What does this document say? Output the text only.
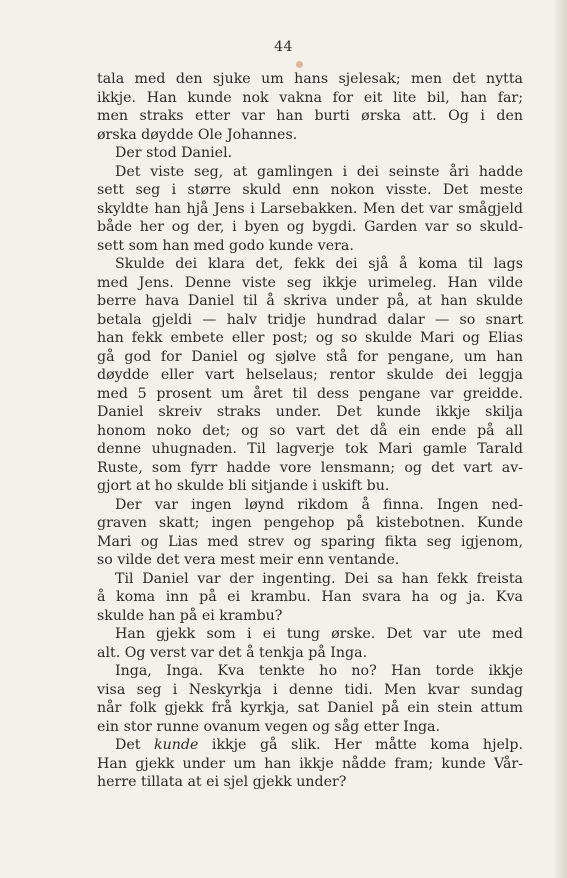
44
tala med den sjuke um hans sjelesak; men det nytta
ikkje. Han kunde nok vakna for eit lite bil, han far;
men straks etter var han burti ørska att. Og i den
ørska døydde Ole Johannes.
Der stod Daniel.
Det viste seg, at gamlingen i dei seinste åri hadde
sett seg i større skuld enn nokon visste. Det meste
skyldte han hjå Jens i Larsebakken. Men det var smågjeld
både her og der, i byen og bygdi. Garden var so skuld-
sett som han med godo kunde vera.
Skulde dei klara det, fekk dei sjå å koma til lags
med Jens. Denne viste seg ikkje urimeleg. Han vilde
berre hava Daniel til å skriva under på, at han skulde
betala gjeldi — halv tridje hundrad dalar — so snart
han fekk embete eller post; og so skulde Mari og Elias
gå god for Daniel og sjølve stå for pengane, um han
døydde eller vart helselaus; rentor skulde dei leggja
med 5 prosent um året til dess pengane var greidde.
Daniel skreiv straks under. Det kunde ikkje skilja
honom noko det; og so vart det då ein ende på all
denne uhugnaden. Til lagverje tok Mari gamle Tarald
Ruste, som fyrr hadde vore lensmann; og det vart av-
gjort at ho skulde bli sitjande i uskift bu.
Der var ingen løynd rikdom å finna. Ingen ned-
graven skatt; ingen pengehop på kistebotnen. Kunde
Mari og Lias med strev og sparing fikta seg igjenom,
so vilde det vera mest meir enn ventande.
Til Daniel var der ingenting. Dei sa han fekk freista
å koma inn på ei krambu. Han svara ha og ja. Kva
skulde han på ei krambu?
Han gjekk som i ei tung ørske. Det var ute med
alt. Og verst var det å tenkja på Inga.
Inga, Inga. Kva tenkte ho no? Han torde ikkje
visa seg i Neskyrkja i denne tidi. Men kvar sundag
når folk gjekk frå kyrkja, sat Daniel på ein stein attum
ein stor runne ovanum vegen og såg etter Inga.
Det kunde ikkje gå slik. Her måtte koma hjelp.
Han gjekk under um han ikkje nådde fram; kunde Vår-
herre tillata at ei sjel gjekk under?
